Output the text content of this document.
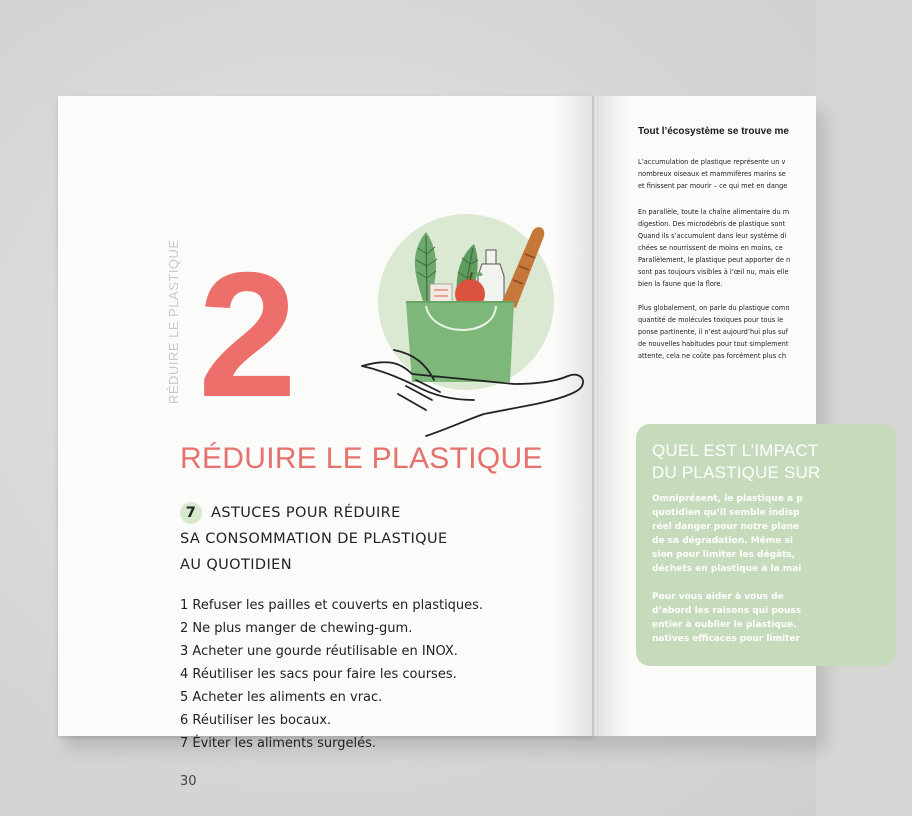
RÉDUIRE LE PLASTIQUE 2
RÉDUIRE LE PLASTIQUE
7 ASTUCES POUR RÉDUIRE
SA CONSOMMATION DE PLASTIQUE
AU QUOTIDIEN
1 Refuser les pailles et couverts en plastiques.
2 Ne plus manger de chewing-gum.
3 Acheter une gourde réutilisable en INOX.
4 Réutiliser les sacs pour faire les courses.
5 Acheter les aliments en vrac.
6 Réutiliser les bocaux.
7 Éviter les aliments surgelés.
30
Tout l’écosystème se trouve me
L’accumulation de plastique représente un v
nombreux oiseaux et mammifères marins se
et finissent par mourir – ce qui met en dange
En parallèle, toute la chaîne alimentaire du m
digestion. Des microdébris de plastique sont
Quand ils s’accumulent dans leur système di
chées se nourrissent de moins en moins, ce
Parallèlement, le plastique peut apporter de n
sont pas toujours visibles à l’œil nu, mais elle
bien la faune que la flore.
Plus globalement, on parle du plastique comn
quantité de molécules toxiques pour tous le
ponse partinente, il n’est aujourd’hui plus suf
de nouvelles habitudes pour tout simplement
attente, cela ne coûte pas forcément plus ch
QUEL EST L’IMPACT
DU PLASTIQUE SUR
Omniprésent, le plastique a p
quotidien qu’il semble indisp
réel danger pour notre plane
de sa dégradation. Même si
sion pour limiter les dégâts,
déchets en plastique à la mai
Pour vous aider à vous de
d’abord les raisons qui pouss
entier à oublier le plastique.
natives efficaces pour limiter
